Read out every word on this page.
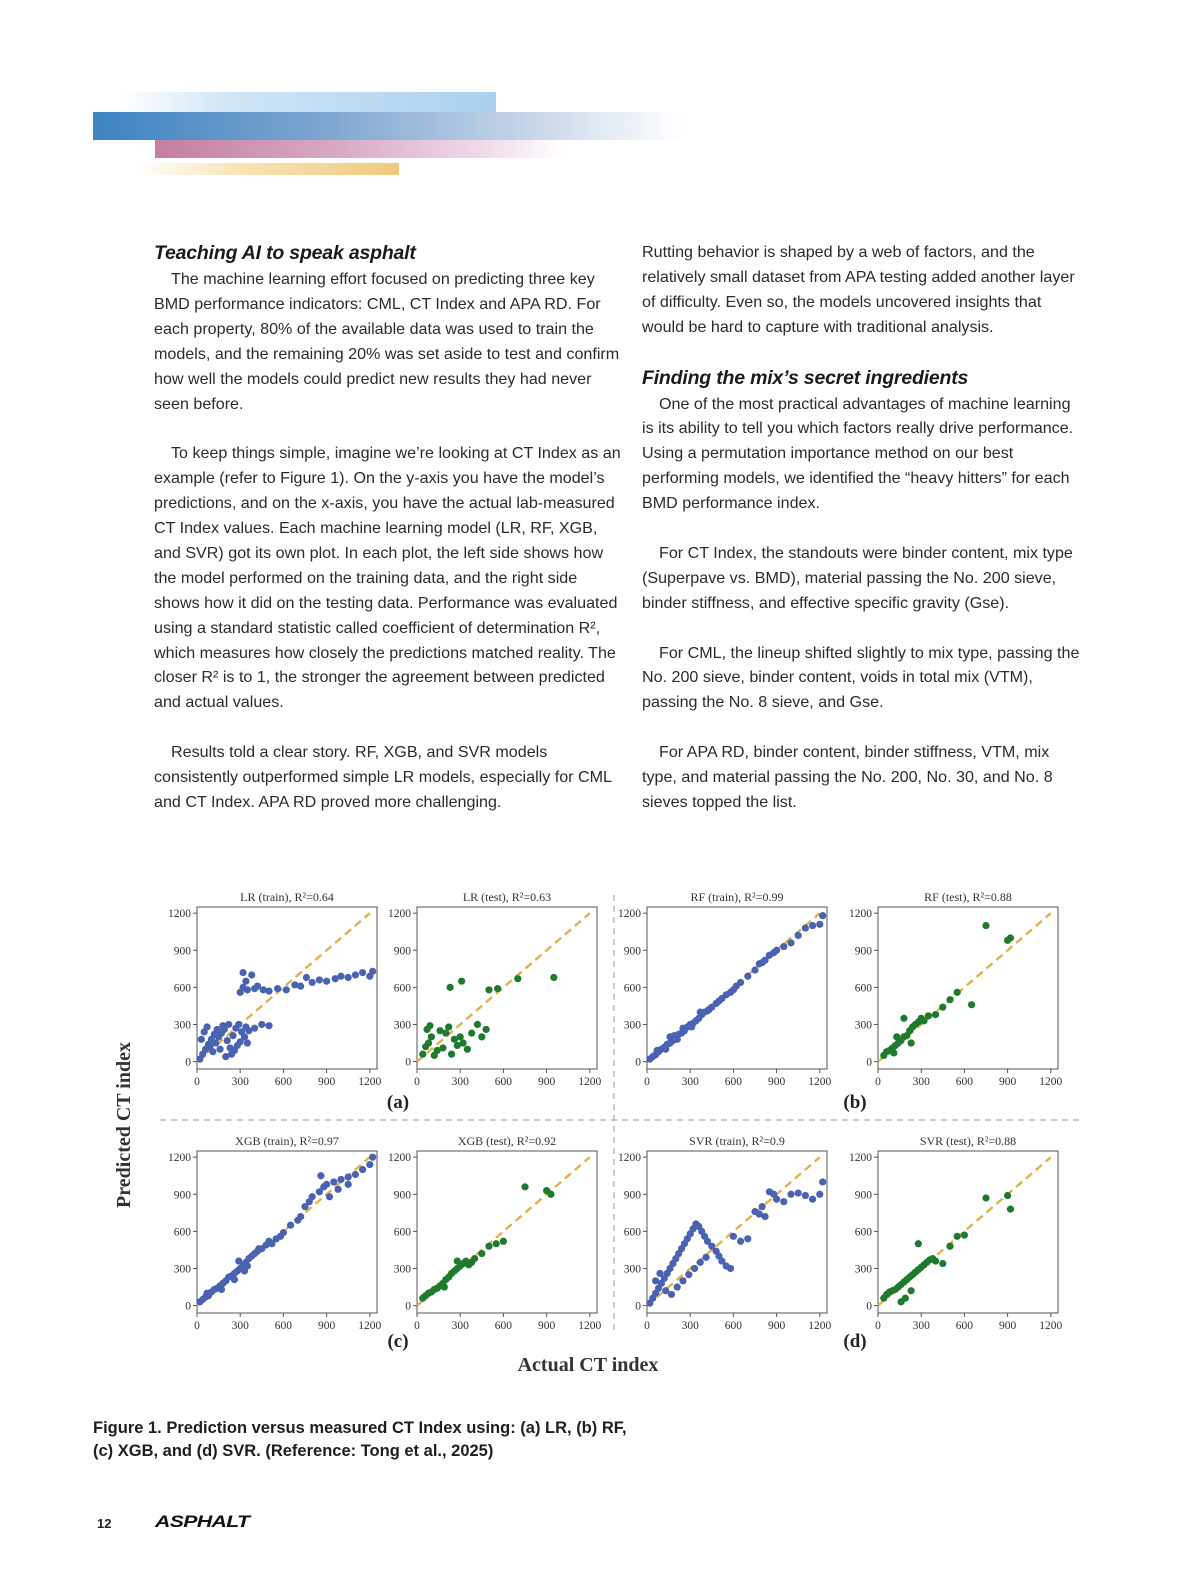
Teaching AI to speak asphalt

The machine learning effort focused on predicting three key BMD performance indicators: CML, CT Index and APA RD. For each property, 80% of the available data was used to train the models, and the remaining 20% was set aside to test and confirm how well the models could predict new results they had never seen before.

To keep things simple, imagine we’re looking at CT Index as an example (refer to Figure 1). On the y-axis you have the model’s predictions, and on the x-axis, you have the actual lab-measured CT Index values. Each machine learning model (LR, RF, XGB, and SVR) got its own plot. In each plot, the left side shows how the model performed on the training data, and the right side shows how it did on the testing data. Performance was evaluated using a standard statistic called coefficient of determination R², which measures how closely the predictions matched reality. The closer R² is to 1, the stronger the agreement between predicted and actual values.

Results told a clear story. RF, XGB, and SVR models consistently outperformed simple LR models, especially for CML and CT Index. APA RD proved more challenging.

Rutting behavior is shaped by a web of factors, and the relatively small dataset from APA testing added another layer of difficulty. Even so, the models uncovered insights that would be hard to capture with traditional analysis.

Finding the mix’s secret ingredients

One of the most practical advantages of machine learning is its ability to tell you which factors really drive performance. Using a permutation importance method on our best performing models, we identified the “heavy hitters” for each BMD performance index.

For CT Index, the standouts were binder content, mix type (Superpave vs. BMD), material passing the No. 200 sieve, binder stiffness, and effective specific gravity (Gse).

For CML, the lineup shifted slightly to mix type, passing the No. 200 sieve, binder content, voids in total mix (VTM), passing the No. 8 sieve, and Gse.

For APA RD, binder content, binder stiffness, VTM, mix type, and material passing the No. 200, No. 30, and No. 8 sieves topped the list.

Predicted CT index
Actual CT index
(a)	(b)
(c)	(d)
LR (train), R²=0.64
0
0
300
300
600
600
900
900
1200
1200
LR (test), R²=0.63
0
0
300
300
600
600
900
900
1200
1200
RF (train), R²=0.99
0
0
300
300
600
600
900
900
1200
1200
RF (test), R²=0.88
0
0
300
300
600
600
900
900
1200
1200
XGB (train), R²=0.97
0
0
300
300
600
600
900
900
1200
1200
XGB (test), R²=0.92
0
0
300
300
600
600
900
900
1200
1200
SVR (train), R²=0.9
0
0
300
300
600
600
900
900
1200
1200
SVR (test), R²=0.88
0
0
300
300
600
600
900
900
1200
1200
Figure 1. Prediction versus measured CT Index using: (a) LR, (b) RF, (c) XGB, and (d) SVR. (Reference: Tong et al., 2025)
12	ASPHALT
